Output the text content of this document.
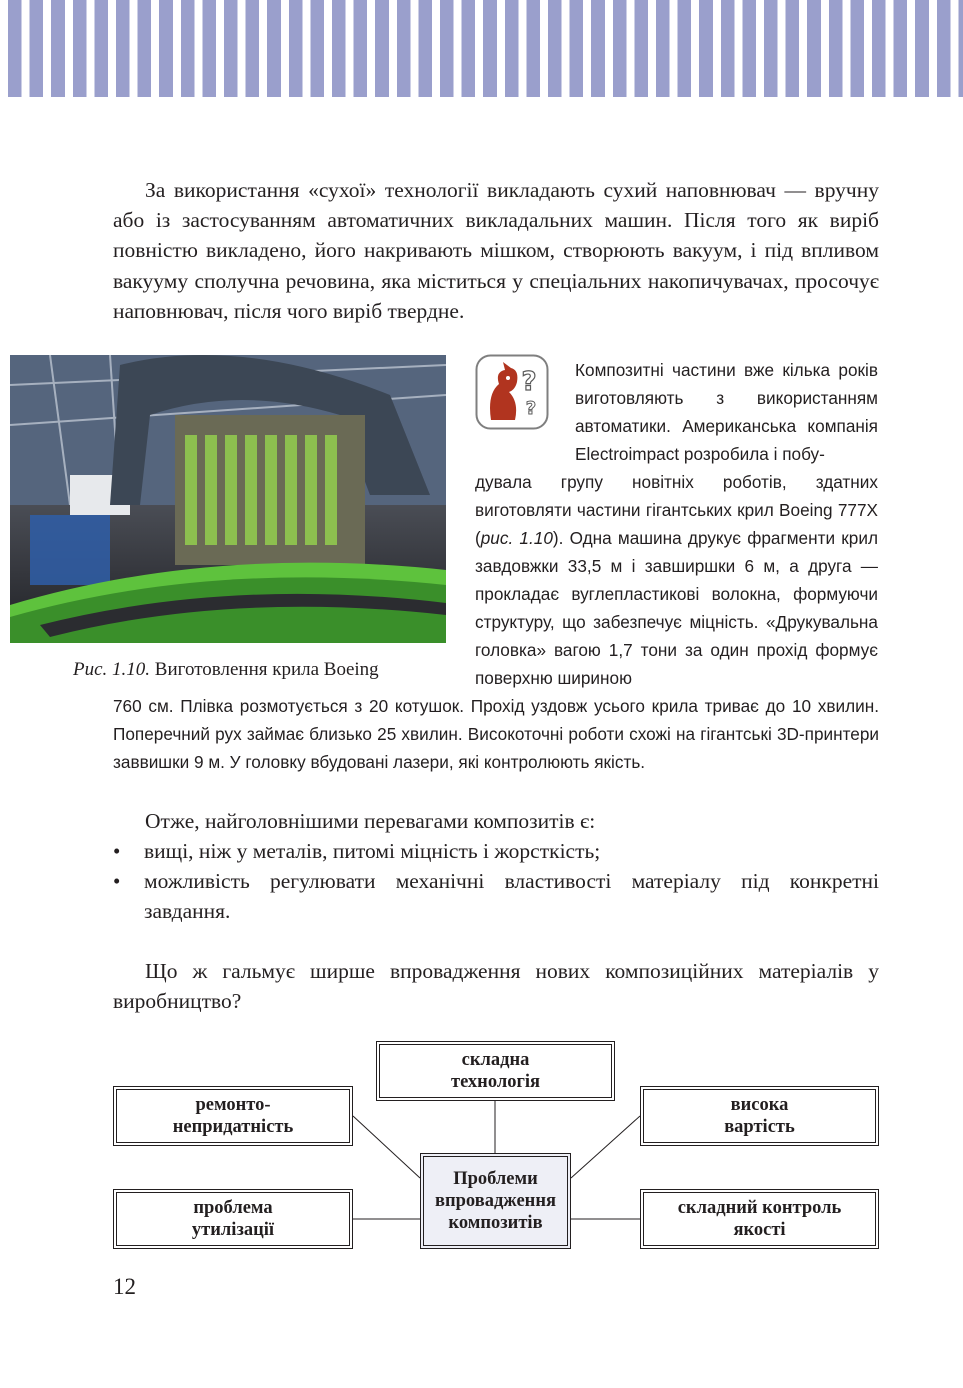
За використання «сухої» технології викладають сухий наповнювач — вручну або із застосуванням автоматичних викладальних машин. Після того як виріб повністю викладено, його накривають мішком, створюють вакуум, і під впливом вакууму сполучна речовина, яка міститься у спеціальних накопичувачах, просочує наповнювач, після чого виріб твердне.

Рис. 1.10. Виготовлення крила Boeing
?
?

Композитні частини вже кілька років виготовляють з використанням автоматики. Американська компанія Electroimpact розробила і побу-

дувала групу новітніх роботів, здатних виготовляти частини гігантських крил Boeing 777X (рис. 1.10). Одна машина друкує фрагменти крил завдовжки 33,5 м і завширшки 6 м, а друга — прокладає вуглепластикові волокна, формуючи структуру, що забезпечує міцність. «Друкувальна головка» вагою 1,7 тони за один прохід формує поверхню шириною

760 см. Плівка розмотується з 20 котушок. Прохід уздовж усього крила триває до 10 хвилин. Поперечний рух займає близько 25 хвилин. Високоточні роботи схожі на гігантські 3D-принтери заввишки 9 м. У головку вбудовані лазери, які контролюють якість.

Отже, найголовнішими перевагами композитів є:

• вищі, ніж у металів, питомі міцність і жорсткість;
• можливість регулювати механічні властивості матеріалу під конкретні завдання.

Що ж гальмує ширше впровадження нових композиційних матеріалів у виробництво?

складна
технологія
ремонто-
непридатність
висока
вартість
Проблеми
впровадження
композитів
проблема
утилізації
складний контроль
якості
12
